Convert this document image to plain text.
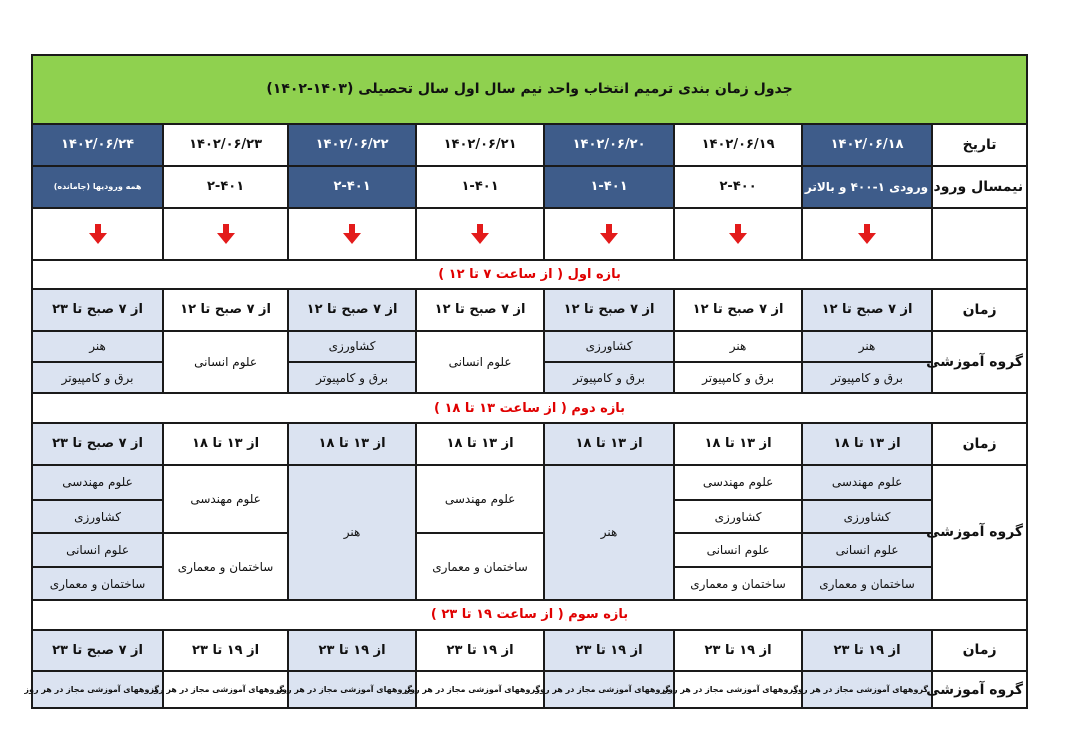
جدول زمان بندی ترمیم انتخاب واحد نیم سال اول سال تحصیلی (۱۴۰۳-۱۴۰۲)							
تاریخ	۱۴۰۲/۰۶/۱۸	۱۴۰۲/۰۶/۱۹	۱۴۰۲/۰۶/۲۰	۱۴۰۲/۰۶/۲۱	۱۴۰۲/۰۶/۲۲	۱۴۰۲/۰۶/۲۳	۱۴۰۲/۰۶/۲۴
نیمسال ورود	ورودی ۱-۴۰۰ و بالاتر	۲-۴۰۰	۱-۴۰۱	۱-۴۰۱	۲-۴۰۱	۲-۴۰۱	همه ورودیها (جامانده)

بازه اول ( از ساعت ۷ تا ۱۲ )							
زمان	از ۷ صبح تا ۱۲	از ۷ صبح تا ۱۲	از ۷ صبح تا ۱۲	از ۷ صبح تا ۱۲	از ۷ صبح تا ۱۲	از ۷ صبح تا ۱۲	از ۷ صبح تا ۲۳
گروه آموزشی	هنر	هنر	کشاورزی	علوم انسانی	کشاورزی	علوم انسانی	هنر
	برق و کامپیوتر	برق و کامپیوتر	برق و کامپیوتر		برق و کامپیوتر		برق و کامپیوتر
بازه دوم ( از ساعت ۱۳ تا ۱۸ )							
زمان	از ۱۳ تا ۱۸	از ۱۳ تا ۱۸	از ۱۳ تا ۱۸	از ۱۳ تا ۱۸	از ۱۳ تا ۱۸	از ۱۳ تا ۱۸	از ۷ صبح تا ۲۳
گروه آموزشی	علوم مهندسی	علوم مهندسی	هنر	علوم مهندسی	هنر	علوم مهندسی	علوم مهندسی
	کشاورزی	کشاورزی					کشاورزی
	علوم انسانی	علوم انسانی		ساختمان و معماری		ساختمان و معماری	علوم انسانی
	ساختمان و معماری	ساختمان و معماری					ساختمان و معماری
بازه سوم ( از ساعت ۱۹ تا ۲۳ )							
زمان	از ۱۹ تا ۲۳	از ۱۹ تا ۲۳	از ۱۹ تا ۲۳	از ۱۹ تا ۲۳	از ۱۹ تا ۲۳	از ۱۹ تا ۲۳	از ۷ صبح تا ۲۳
گروه آموزشی	گروههای آموزشی مجاز در هر روز	گروههای آموزشی مجاز در هر روز	گروههای آموزشی مجاز در هر روز	گروههای آموزشی مجاز در هر روز	گروههای آموزشی مجاز در هر روز	گروههای آموزشی مجاز در هر روز	گروههای آموزشی مجاز در هر روز
